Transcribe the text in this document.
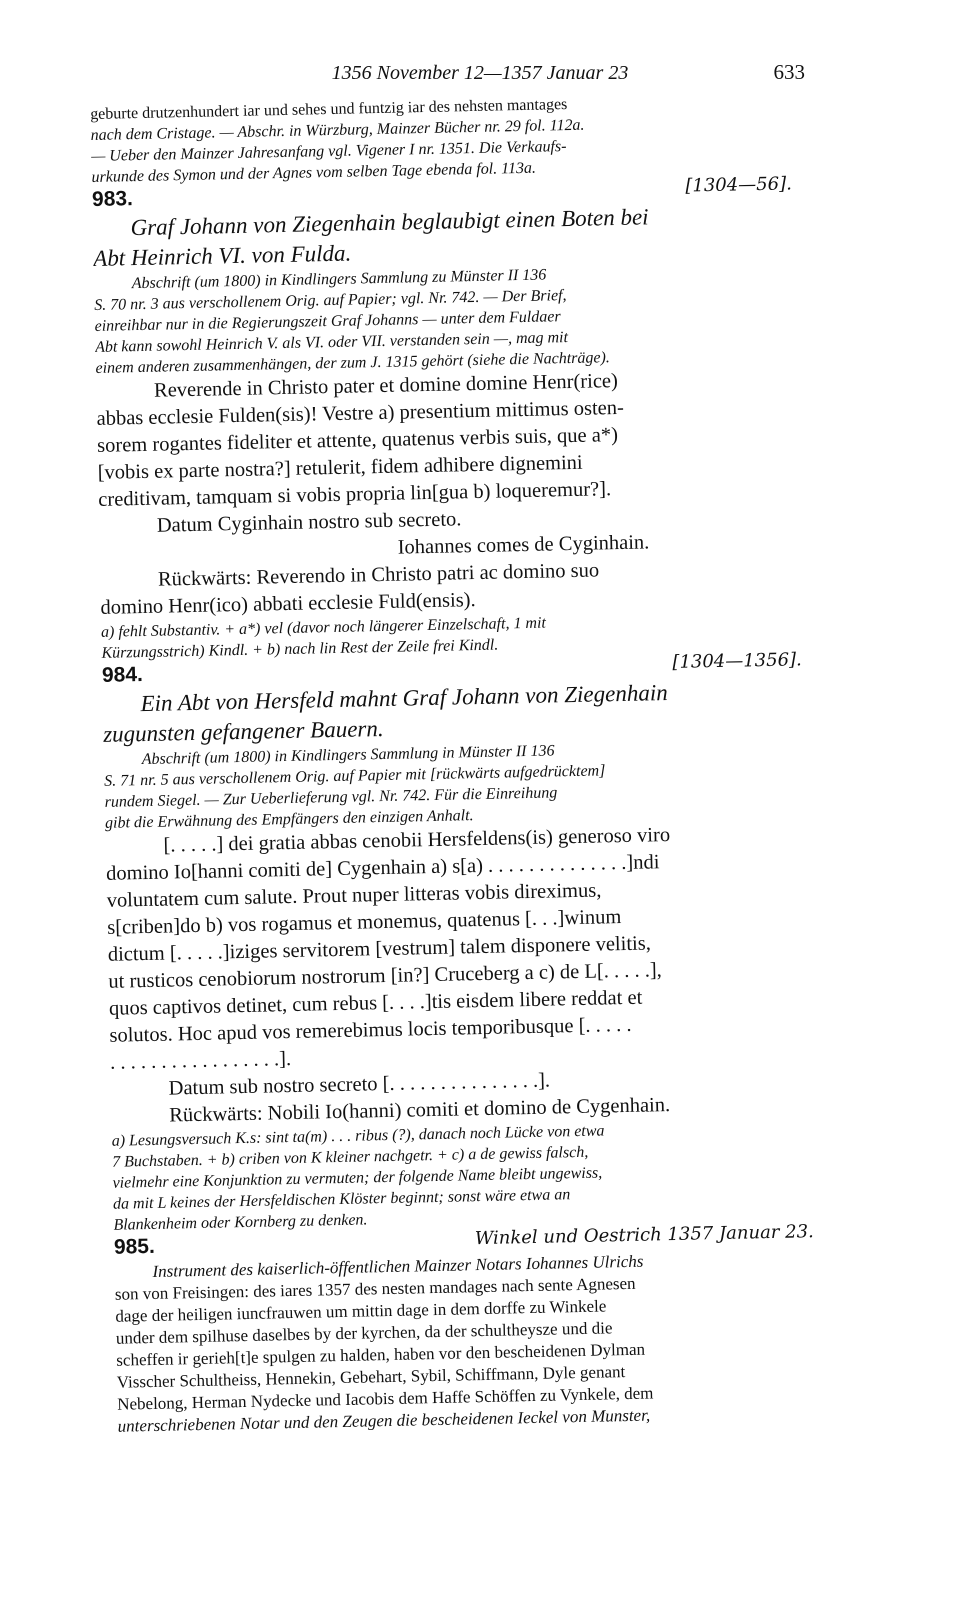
1356 November 12—1357 Januar 23	633
geburte drutzenhundert iar und sehes und funtzig iar des nehsten mantages
nach dem Cristage. — Abschr. in Würzburg, Mainzer Bücher nr. 29 fol. 112a.
— Ueber den Mainzer Jahresanfang vgl. Vigener I nr. 1351. Die Verkaufs-
urkunde des Symon und der Agnes vom selben Tage ebenda fol. 113a.
983.
[1304—56].
Graf Johann von Ziegenhain beglaubigt einen Boten bei
Abt Heinrich VI. von Fulda.
Abschrift (um 1800) in Kindlingers Sammlung zu Münster II 136
S. 70 nr. 3 aus verschollenem Orig. auf Papier; vgl. Nr. 742. — Der Brief,
einreihbar nur in die Regierungszeit Graf Johanns — unter dem Fuldaer
Abt kann sowohl Heinrich V. als VI. oder VII. verstanden sein —, mag mit
einem anderen zusammenhängen, der zum J. 1315 gehört (siehe die Nachträge).
Reverende in Christo pater et domine domine Henr(rice)
abbas ecclesie Fulden(sis)! Vestre a) presentium mittimus osten-
sorem rogantes fideliter et attente, quatenus verbis suis, que a*)
[vobis ex parte nostra?] retulerit, fidem adhibere dignemini
creditivam, tamquam si vobis propria lin[gua b) loqueremur?].
Datum Cyginhain nostro sub secreto.
Iohannes comes de Cyginhain.
Rückwärts: Reverendo in Christo patri ac domino suo
domino Henr(ico) abbati ecclesie Fuld(ensis).
a) fehlt Substantiv. + a*) vel (davor noch längerer Einzelschaft, 1 mit
Kürzungsstrich) Kindl. + b) nach lin Rest der Zeile frei Kindl.
984.
[1304—1356].
Ein Abt von Hersfeld mahnt Graf Johann von Ziegenhain
zugunsten gefangener Bauern.
Abschrift (um 1800) in Kindlingers Sammlung in Münster II 136
S. 71 nr. 5 aus verschollenem Orig. auf Papier mit [rückwärts aufgedrücktem]
rundem Siegel. — Zur Ueberlieferung vgl. Nr. 742. Für die Einreihung
gibt die Erwähnung des Empfängers den einzigen Anhalt.
[. . . . .] dei gratia abbas cenobii Hersfeldens(is) generoso viro
domino Io[hanni comiti de] Cygenhain a) s[a) . . . . . . . . . . . . . .]ndi
voluntatem cum salute. Prout nuper litteras vobis direximus,
s[criben]do b) vos rogamus et monemus, quatenus [. . .]winum
dictum [. . . . .]iziges servitorem [vestrum] talem disponere velitis,
ut rusticos cenobiorum nostrorum [in?] Cruceberg a c) de L[. . . . .],
quos captivos detinet, cum rebus [. . . .]tis eisdem libere reddat et
solutos. Hoc apud vos remerebimus locis temporibusque [. . . . .
. . . . . . . . . . . . . . . . .].
Datum sub nostro secreto [. . . . . . . . . . . . . . .].
Rückwärts: Nobili Io(hanni) comiti et domino de Cygenhain.
a) Lesungsversuch K.s: sint ta(m) . . . ribus (?), danach noch Lücke von etwa
7 Buchstaben. + b) criben von K kleiner nachgetr. + c) a de gewiss falsch,
vielmehr eine Konjunktion zu vermuten; der folgende Name bleibt ungewiss,
da mit L keines der Hersfeldischen Klöster beginnt; sonst wäre etwa an
Blankenheim oder Kornberg zu denken.
985.	Winkel und Oestrich 1357 Januar 23.
Instrument des kaiserlich-öffentlichen Mainzer Notars Iohannes Ulrichs
son von Freisingen: des iares 1357 des nesten mandages nach sente Agnesen
dage der heiligen iuncfrauwen um mittin dage in dem dorffe zu Winkele
under dem spilhuse daselbes by der kyrchen, da der schultheysze und die
scheffen ir gerieh[t]e spulgen zu halden, haben vor den bescheidenen Dylman
Visscher Schultheiss, Hennekin, Gebehart, Sybil, Schiffmann, Dyle genant
Nebelong, Herman Nydecke und Iacobis dem Haffe Schöffen zu Vynkele, dem
unterschriebenen Notar und den Zeugen die bescheidenen Ieckel von Munster,
